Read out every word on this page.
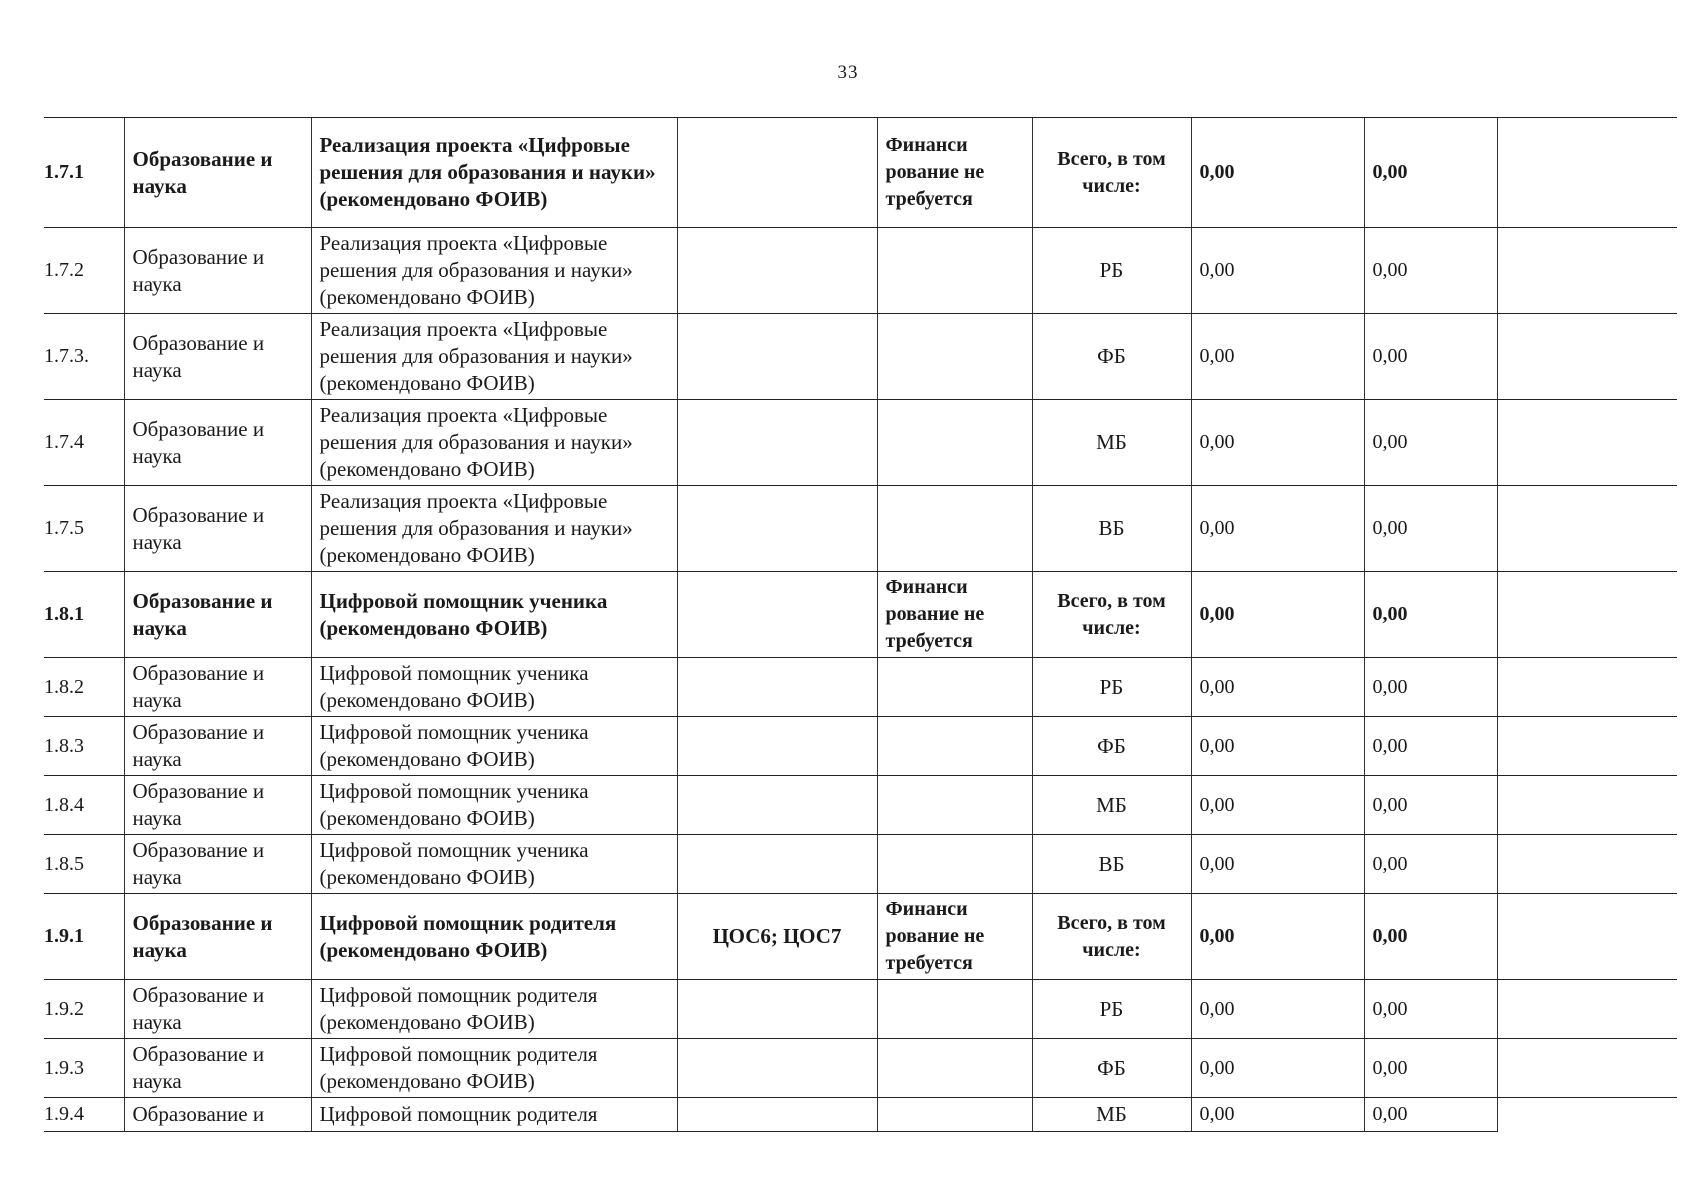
33
1.7.1	Образование и наука	Реализация проекта «Цифровые решения для образования и науки» (рекомендовано ФОИВ)		Финанси рование не требуется	Всего, в том числе:	0,00	0,00	
1.7.2	Образование и наука	Реализация проекта «Цифровые решения для образования и науки» (рекомендовано ФОИВ)			РБ	0,00	0,00	
1.7.3.	Образование и наука	Реализация проекта «Цифровые решения для образования и науки» (рекомендовано ФОИВ)			ФБ	0,00	0,00	
1.7.4	Образование и наука	Реализация проекта «Цифровые решения для образования и науки» (рекомендовано ФОИВ)			МБ	0,00	0,00	
1.7.5	Образование и наука	Реализация проекта «Цифровые решения для образования и науки» (рекомендовано ФОИВ)			ВБ	0,00	0,00	
1.8.1	Образование и наука	Цифровой помощник ученика (рекомендовано ФОИВ)		Финанси рование не требуется	Всего, в том числе:	0,00	0,00	
1.8.2	Образование и наука	Цифровой помощник ученика (рекомендовано ФОИВ)			РБ	0,00	0,00	
1.8.3	Образование и наука	Цифровой помощник ученика (рекомендовано ФОИВ)			ФБ	0,00	0,00	
1.8.4	Образование и наука	Цифровой помощник ученика (рекомендовано ФОИВ)			МБ	0,00	0,00	
1.8.5	Образование и наука	Цифровой помощник ученика (рекомендовано ФОИВ)			ВБ	0,00	0,00	
1.9.1	Образование и наука	Цифровой помощник родителя (рекомендовано ФОИВ)	ЦОС6; ЦОС7	Финанси рование не требуется	Всего, в том числе:	0,00	0,00	
1.9.2	Образование и наука	Цифровой помощник родителя (рекомендовано ФОИВ)			РБ	0,00	0,00	
1.9.3	Образование и наука	Цифровой помощник родителя (рекомендовано ФОИВ)			ФБ	0,00	0,00	
1.9.4	Образование и	Цифровой помощник родителя			МБ	0,00	0,00	
